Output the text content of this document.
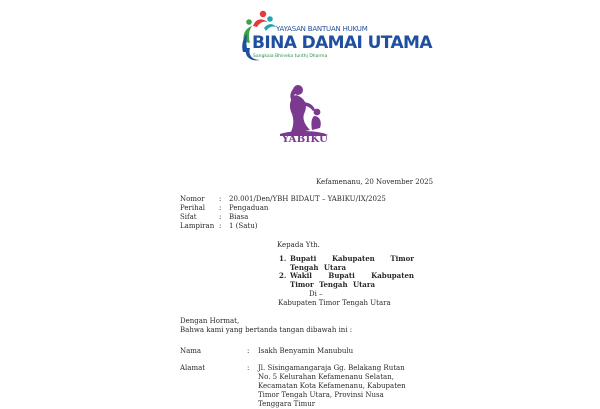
YAYASAN BANTUAN HUKUM
BINA DAMAI UTAMA
Sangkaia Bhineka tunthj Dharma
YABIKU
Kefamenanu, 20 November 2025
Nomor : 20.001/Den/YBH BIDAUT – YABIKU/IX/2025
Perihal : Pengaduan
Sifat	: Biasa
Lampiran : 1 (Satu)
Kepada Yth.
1. Bupati Kabupaten Timor Tengah Utara
2. Wakil Bupati Kabupaten Timor Tengah Utara
Di –
Kabupaten Timor Tengah Utara
Dengan Hormat,
Bahwa kami yang bertanda tangan dibawah ini :
Nama	: Isakh Benyamin Manubulu
Alamat	: Jl. Sisingamangaraja Gg. Belakang Rutan No. 5 Kelurahan Kefamenanu Selatan, Kecamatan Kota Kefamenanu, Kabupaten Timor Tengah Utara, Provinsi Nusa Tenggara Timur
